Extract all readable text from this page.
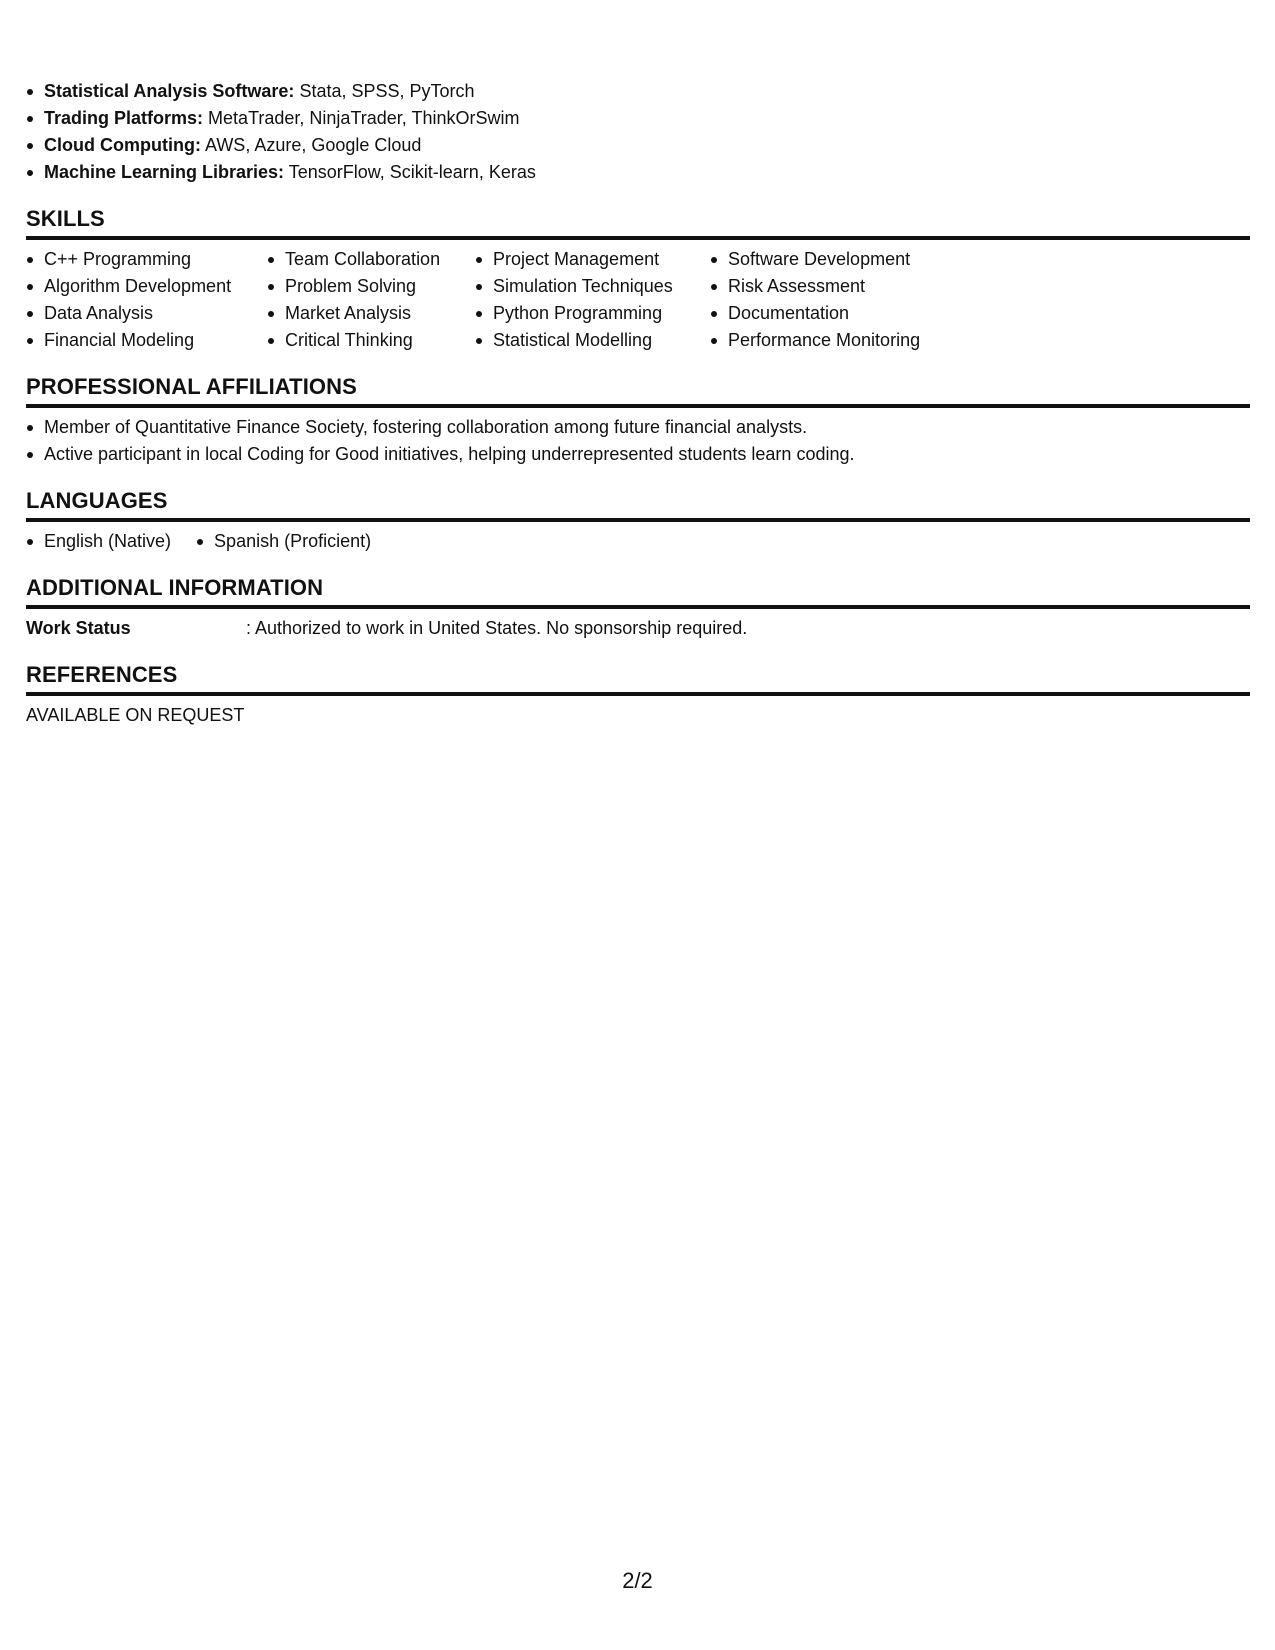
Statistical Analysis Software: Stata, SPSS, PyTorch
Trading Platforms: MetaTrader, NinjaTrader, ThinkOrSwim
Cloud Computing: AWS, Azure, Google Cloud
Machine Learning Libraries: TensorFlow, Scikit-learn, Keras
SKILLS
C++ Programming
Algorithm Development
Data Analysis
Financial Modeling
Team Collaboration
Problem Solving
Market Analysis
Critical Thinking
Project Management
Simulation Techniques
Python Programming
Statistical Modelling
Software Development
Risk Assessment
Documentation
Performance Monitoring
PROFESSIONAL AFFILIATIONS
Member of Quantitative Finance Society, fostering collaboration among future financial analysts.
Active participant in local Coding for Good initiatives, helping underrepresented students learn coding.
LANGUAGES
English (Native)	Spanish (Proficient)
ADDITIONAL INFORMATION
Work Status	: Authorized to work in United States. No sponsorship required.
REFERENCES
AVAILABLE ON REQUEST
2/2
